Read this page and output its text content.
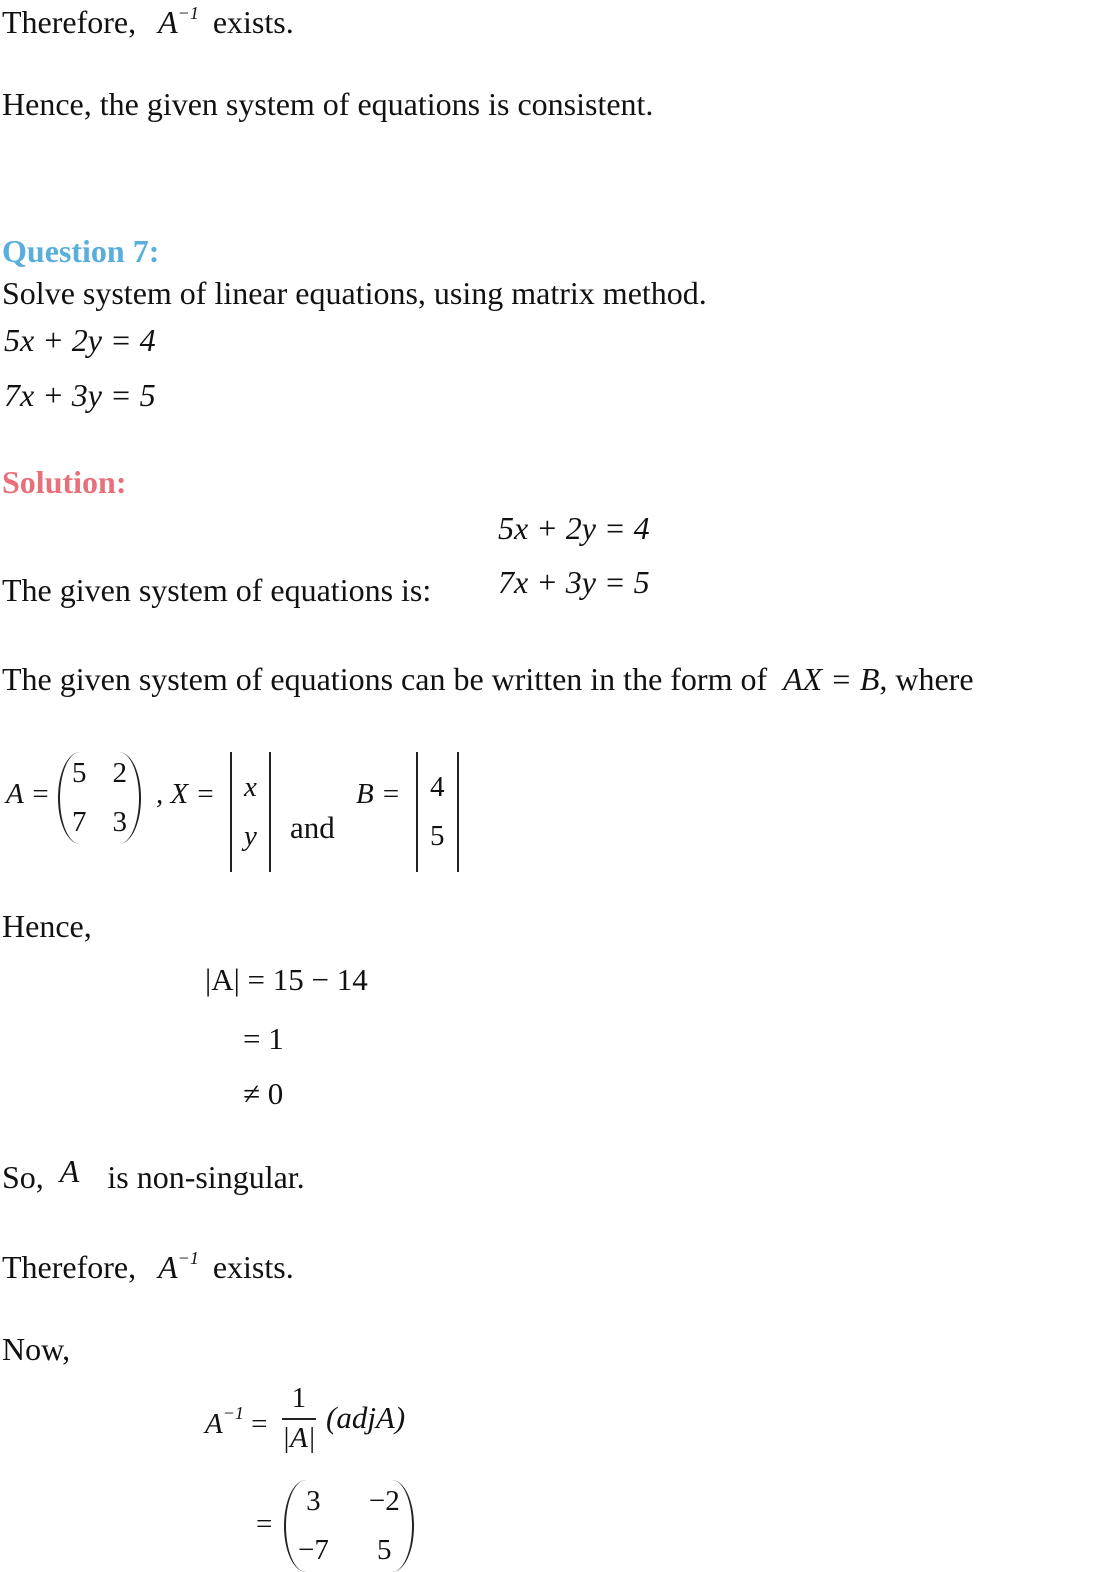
Therefore, $A^{-1}$ exists.
Hence, the given system of equations is consistent.
Question 7:
Solve system of linear equations, using matrix method.
5x + 2y = 4
7x + 3y = 5
Solution:
5x + 2y = 4
The given system of equations is: 7x + 3y = 5
The given system of equations can be written in the form of AX = B, where
A =
5 2
7 3
, X = x
y and
B = 4
5
Hence,
|A| = 15 − 14
= 1
≠ 0
So, A is non-singular.
Therefore, $A^{-1}$ exists.
Now,
$A^{-1} = \frac{1}{|A|}$ (adjA)
=
3 −2
−7 5
